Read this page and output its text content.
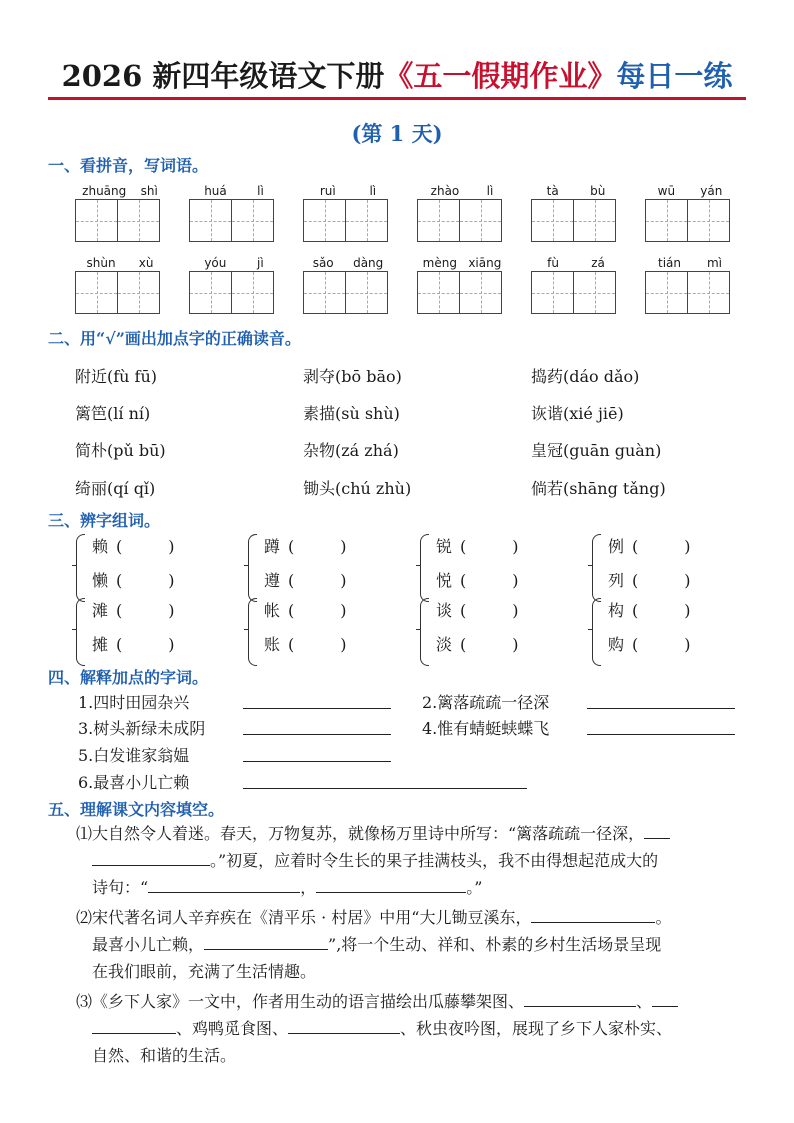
2026 新四年级语文下册《五一假期作业》每日一练
(第 1 天)
一、看拼音，写词语。
zhuāng shì	huá	lì	ruì	lì	zhào lì	tà	bù	wū yán
shùn xù	yóu	jì	sǎo dàng	mèng xiāng	fù	zá	tián mì
二、用“√”画出加点字的正确读音。
附近(fù fū)	剥夺(bō bāo)	捣药(dáo dǎo)
篱笆(lí ní)	素描(sù shù)	诙谐(xié jiē)
简朴(pǔ bū)	杂物(zá zhá)	皇冠(guān guàn)
绮丽(qí qǐ)	锄头(chú zhù)	倘若(shāng tǎng)
三、辨字组词。
赖 (	)
懒 (	)
蹲 (	)
遵 (	)
锐 (	)
悦 (	)
例 (	)
列 (	)
滩 (	)
摊 (	)
帐 (	)
账 (	)
谈 (	)
淡 (	)
构 (	)
购 (	)
四、解释加点的字词。
1.四时田园杂兴	2.篱落疏疏一径深
3.树头新绿未成阴	4.惟有蜻蜓蛱蝶飞
5.白发谁家翁媪
6.最喜小儿亡赖
五、理解课文内容填空。
⑴大自然令人着迷。春天，万物复苏，就像杨万里诗中所写：“篱落疏疏一径深，
。”初夏，应着时令生长的果子挂满枝头，我不由得想起范成大的
诗句：“	，	。”
⑵宋代著名词人辛弃疾在《清平乐 · 村居》中用“大儿锄豆溪东，	。
最喜小儿亡赖，	”,将一个生动、祥和、朴素的乡村生活场景呈现
在我们眼前，充满了生活情趣。
⑶《乡下人家》一文中，作者用生动的语言描绘出瓜藤攀架图、	、
、鸡鸭觅食图、	、秋虫夜吟图，展现了乡下人家朴实、
自然、和谐的生活。
